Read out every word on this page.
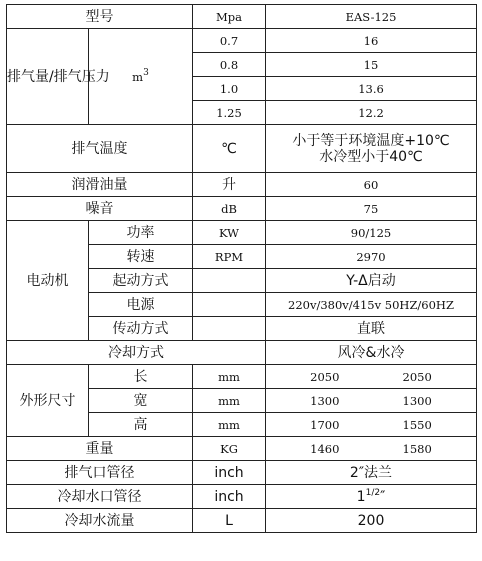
型号		Mpa	EAS-125
排气量/排气压力	$m^3$	0.7	16
		0.8	15
		1.0	13.6
		1.25	12.2
排气温度		℃	小于等于环境温度+10℃
水冷型小于40℃

润滑油量		升	60
噪音		dB	75
电动机	功率	KW	90/125
	转速	RPM	2970
	起动方式		Y-Δ启动
	电源		220v/380v/415v 50HZ/60HZ
	传动方式		直联
冷却方式			风冷&水冷
外形尺寸	长	mm	2050 2050
	宽	mm	1300 1300
	高	mm	1700 1550
重量		KG	1460 1580
排气口管径		inch	2″法兰
冷却水口管径		inch	$1^{1/2}''$
冷却水流量		L	200
